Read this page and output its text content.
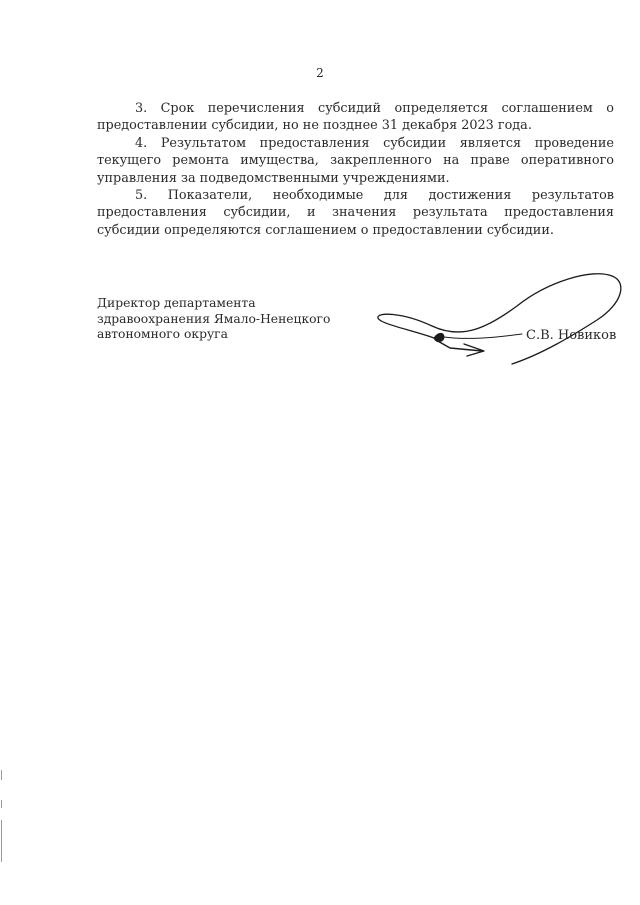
2

3. Срок перечисления субсидий определяется соглашением о предоставлении субсидии, но не позднее 31 декабря 2023 года.

4. Результатом предоставления субсидии является проведение текущего ремонта имущества, закрепленного на праве оперативного управления за подведомственными учреждениями.

5. Показатели, необходимые для достижения результатов предоставления субсидии, и значения результата предоставления субсидии определяются соглашением о предоставлении субсидии.

Директор департамента
здравоохранения Ямало-Ненецкого
автономного округа	С.В. Новиков
